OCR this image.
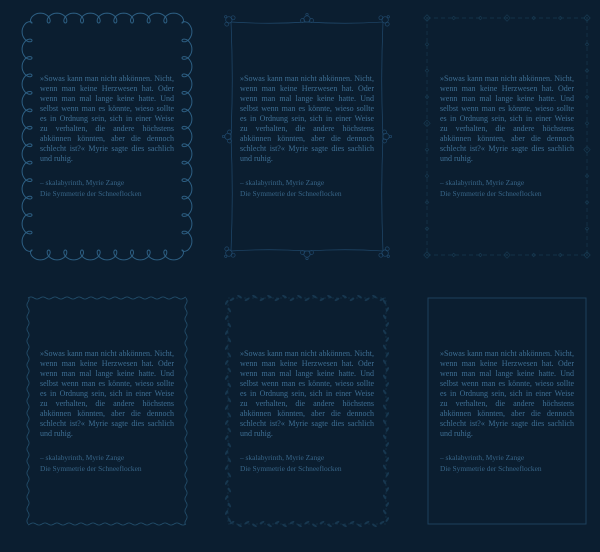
»Sowas kann man nicht abkönnen. Nicht, wenn man keine Herzwesen hat. Oder wenn man mal lange keine hatte. Und selbst wenn man es könnte, wieso sollte es in Ordnung sein, sich in einer Weise zu verhalten, die andere höchstens abkönnen könnten, aber die dennoch schlecht ist?« Myrie sagte dies sachlich und ruhig.

– skalabyrinth, Myrie Zange

Die Symmetrie der Schneeflocken

»Sowas kann man nicht abkönnen. Nicht, wenn man keine Herzwesen hat. Oder wenn man mal lange keine hatte. Und selbst wenn man es könnte, wieso sollte es in Ordnung sein, sich in einer Weise zu verhalten, die andere höchstens abkönnen könnten, aber die dennoch schlecht ist?« Myrie sagte dies sachlich und ruhig.

– skalabyrinth, Myrie Zange

Die Symmetrie der Schneeflocken

»Sowas kann man nicht abkönnen. Nicht, wenn man keine Herzwesen hat. Oder wenn man mal lange keine hatte. Und selbst wenn man es könnte, wieso sollte es in Ordnung sein, sich in einer Weise zu verhalten, die andere höchstens abkönnen könnten, aber die dennoch schlecht ist?« Myrie sagte dies sachlich und ruhig.

– skalabyrinth, Myrie Zange

Die Symmetrie der Schneeflocken

»Sowas kann man nicht abkönnen. Nicht, wenn man keine Herzwesen hat. Oder wenn man mal lange keine hatte. Und selbst wenn man es könnte, wieso sollte es in Ordnung sein, sich in einer Weise zu verhalten, die andere höchstens abkönnen könnten, aber die dennoch schlecht ist?« Myrie sagte dies sachlich und ruhig.

– skalabyrinth, Myrie Zange

Die Symmetrie der Schneeflocken

»Sowas kann man nicht abkönnen. Nicht, wenn man keine Herzwesen hat. Oder wenn man mal lange keine hatte. Und selbst wenn man es könnte, wieso sollte es in Ordnung sein, sich in einer Weise zu verhalten, die andere höchstens abkönnen könnten, aber die dennoch schlecht ist?« Myrie sagte dies sachlich und ruhig.

– skalabyrinth, Myrie Zange

Die Symmetrie der Schneeflocken

»Sowas kann man nicht abkönnen. Nicht, wenn man keine Herzwesen hat. Oder wenn man mal lange keine hatte. Und selbst wenn man es könnte, wieso sollte es in Ordnung sein, sich in einer Weise zu verhalten, die andere höchstens abkönnen könnten, aber die dennoch schlecht ist?« Myrie sagte dies sachlich und ruhig.

– skalabyrinth, Myrie Zange

Die Symmetrie der Schneeflocken
